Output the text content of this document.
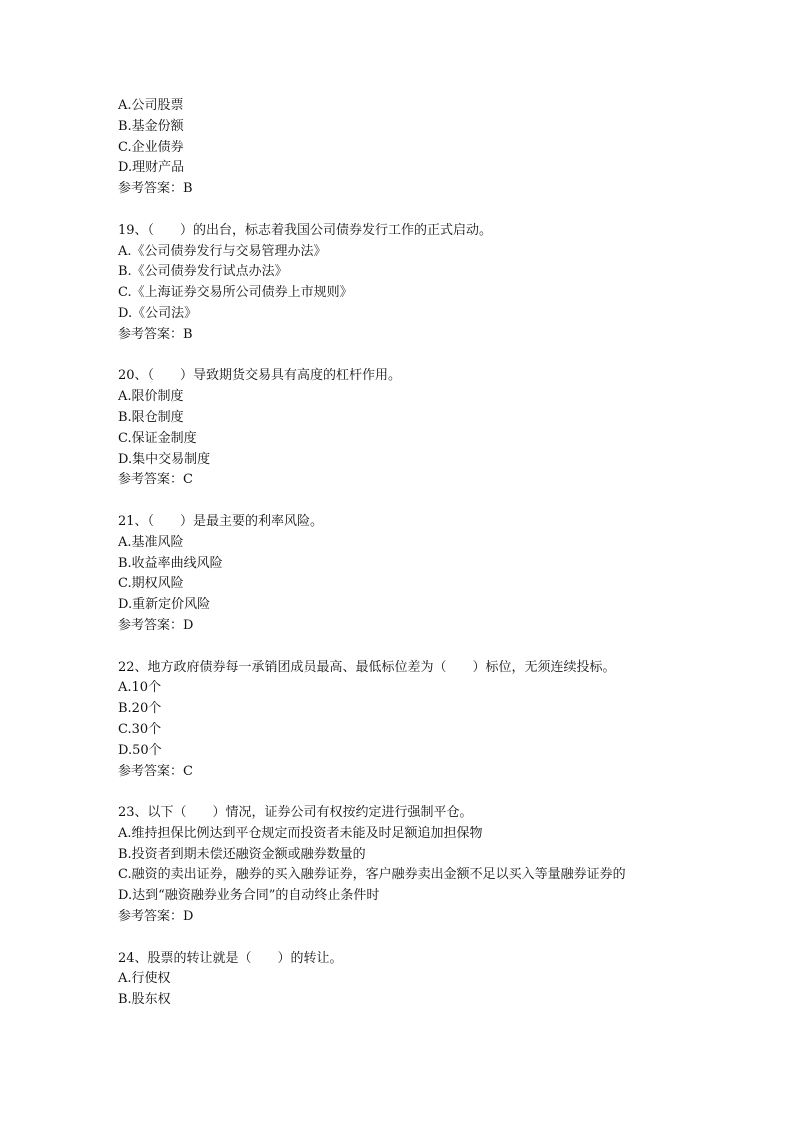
A.公司股票
B.基金份额
C.企业债券
D.理财产品
参考答案：B
19、（　　）的出台，标志着我国公司债券发行工作的正式启动。
A.《公司债券发行与交易管理办法》
B.《公司债券发行试点办法》
C.《上海证券交易所公司债券上市规则》
D.《公司法》
参考答案：B
20、（　　）导致期货交易具有高度的杠杆作用。
A.限价制度
B.限仓制度
C.保证金制度
D.集中交易制度
参考答案：C
21、（　　）是最主要的利率风险。
A.基准风险
B.收益率曲线风险
C.期权风险
D.重新定价风险
参考答案：D
22、地方政府债券每一承销团成员最高、最低标位差为（　　）标位，无须连续投标。
A.10个
B.20个
C.30个
D.50个
参考答案：C
23、以下（　　）情况，证券公司有权按约定进行强制平仓。
A.维持担保比例达到平仓规定而投资者未能及时足额追加担保物
B.投资者到期未偿还融资金额或融券数量的
C.融资的卖出证券，融券的买入融券证券，客户融券卖出金额不足以买入等量融券证券的
D.达到“融资融券业务合同”的自动终止条件时
参考答案：D
24、股票的转让就是（　　）的转让。
A.行使权
B.股东权
